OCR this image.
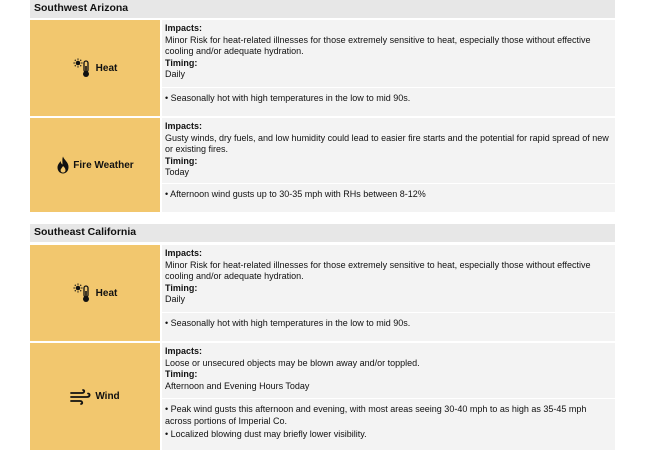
Southwest Arizona
Heat
Impacts:
Minor Risk for heat-related illnesses for those extremely sensitive to heat, especially those without effective cooling and/or adequate hydration.
Timing:
Daily
• Seasonally hot with high temperatures in the low to mid 90s.
Fire Weather
Impacts:
Gusty winds, dry fuels, and low humidity could lead to easier fire starts and the potential for rapid spread of new or existing fires.
Timing:
Today
• Afternoon wind gusts up to 30-35 mph with RHs between 8-12%
Southeast California
Heat
Impacts:
Minor Risk for heat-related illnesses for those extremely sensitive to heat, especially those without effective cooling and/or adequate hydration.
Timing:
Daily
• Seasonally hot with high temperatures in the low to mid 90s.
Wind
Impacts:
Loose or unsecured objects may be blown away and/or toppled.
Timing:
Afternoon and Evening Hours Today
• Peak wind gusts this afternoon and evening, with most areas seeing 30-40 mph to as high as 35-45 mph across portions of Imperial Co.
• Localized blowing dust may briefly lower visibility.
